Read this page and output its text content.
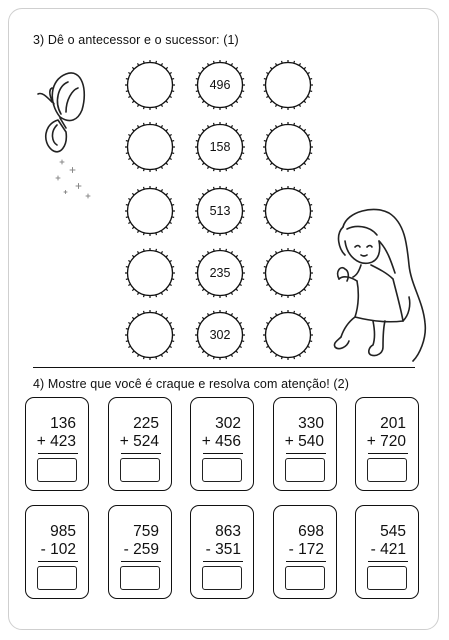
3) Dê o antecessor e o sucessor: (1)
496
158
513
235
302
4) Mostre que você é craque e resolva com atenção! (2)
136
+ 423
225
+ 524
302
+ 456
330
+ 540
201
+ 720
985
- 102
759
- 259
863
- 351
698
- 172
545
- 421
